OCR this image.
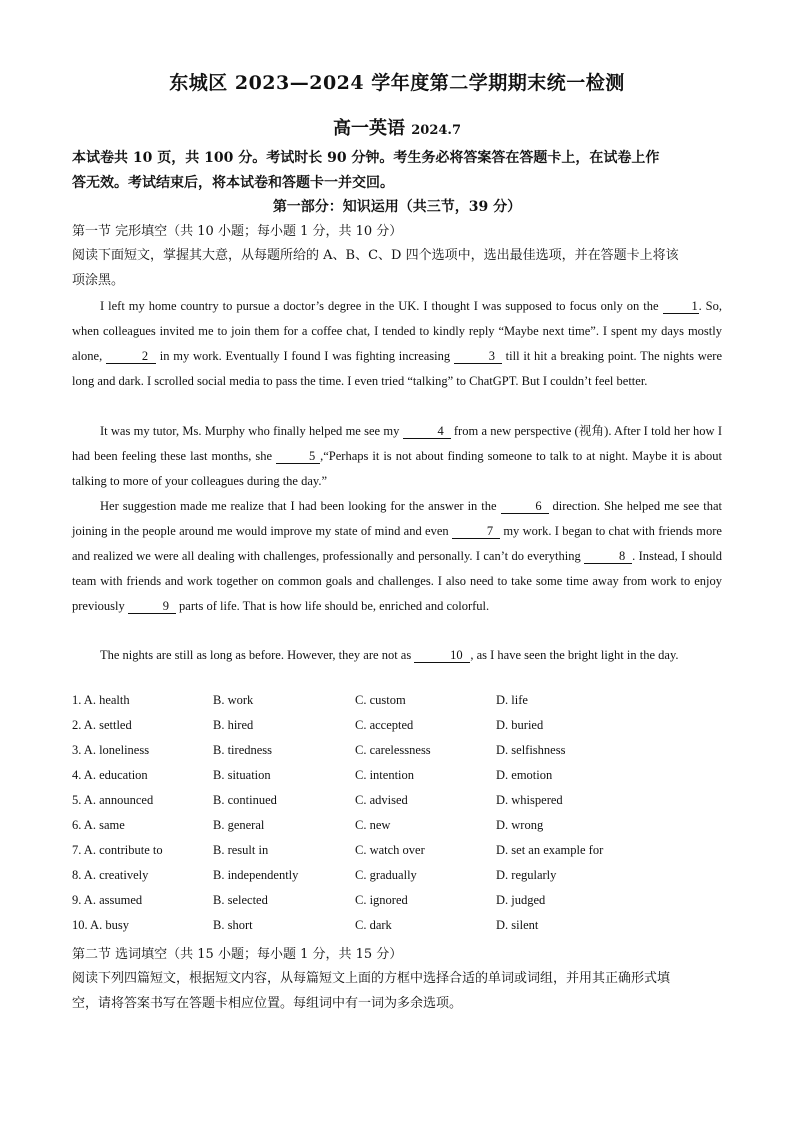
东城区 2023—2024 学年度第二学期期末统一检测
高一英语 2024.7
本试卷共 10 页，共 100 分。考试时长 90 分钟。考生务必将答案答在答题卡上，在试卷上作
答无效。考试结束后，将本试卷和答题卡一并交回。
第一部分：知识运用（共三节，39 分）
第一节 完形填空（共 10 小题；每小题 1 分，共 10 分）
阅读下面短文，掌握其大意，从每题所给的 A、B、C、D 四个选项中，选出最佳选项，并在答题卡上将该
项涂黑。
I left my home country to pursue a doctor’s degree in the UK. I thought I was supposed to focus only on the 1. So, when colleagues invited me to join them for a coffee chat, I tended to kindly reply “Maybe next time”. I spent my days mostly alone,	2 in my work. Eventually I found I was fighting increasing	3 till it hit a breaking point. The nights were long and dark. I scrolled social media to pass the time. I even tried “talking” to ChatGPT. But I couldn’t feel better.
It was my tutor, Ms. Murphy who finally helped me see my	4 from a new perspective (视角). After I told her how I had been feeling these last months, she	5 ,“Perhaps it is not about finding someone to talk to at night. Maybe it is about talking to more of your colleagues during the day.”
Her suggestion made me realize that I had been looking for the answer in the	6 direction. She helped me see that joining in the people around me would improve my state of mind and even	7 my work. I began to chat with friends more and realized we were all dealing with challenges, professionally and personally. I can’t do everything	8 . Instead, I should team with friends and work together on common goals and challenges. I also need to take some time away from work to enjoy previously	9 parts of life. That is how life should be, enriched and colorful.
The nights are still as long as before. However, they are not as	10 , as I have seen the bright light in the day.
1. A. health	B. work	C. custom	D. life
2. A. settled	B. hired	C. accepted	D. buried
3. A. loneliness	B. tiredness	C. carelessness	D. selfishness
4. A. education	B. situation	C. intention	D. emotion
5. A. announced	B. continued	C. advised	D. whispered
6. A. same	B. general	C. new	D. wrong
7. A. contribute to	B. result in	C. watch over	D. set an example for
8. A. creatively	B. independently	C. gradually	D. regularly
9. A. assumed	B. selected	C. ignored	D. judged
10. A. busy	B. short	C. dark	D. silent
第二节 选词填空（共 15 小题；每小题 1 分，共 15 分）
阅读下列四篇短文，根据短文内容，从每篇短文上面的方框中选择合适的单词或词组，并用其正确形式填
空，请将答案书写在答题卡相应位置。每组词中有一词为多余选项。
